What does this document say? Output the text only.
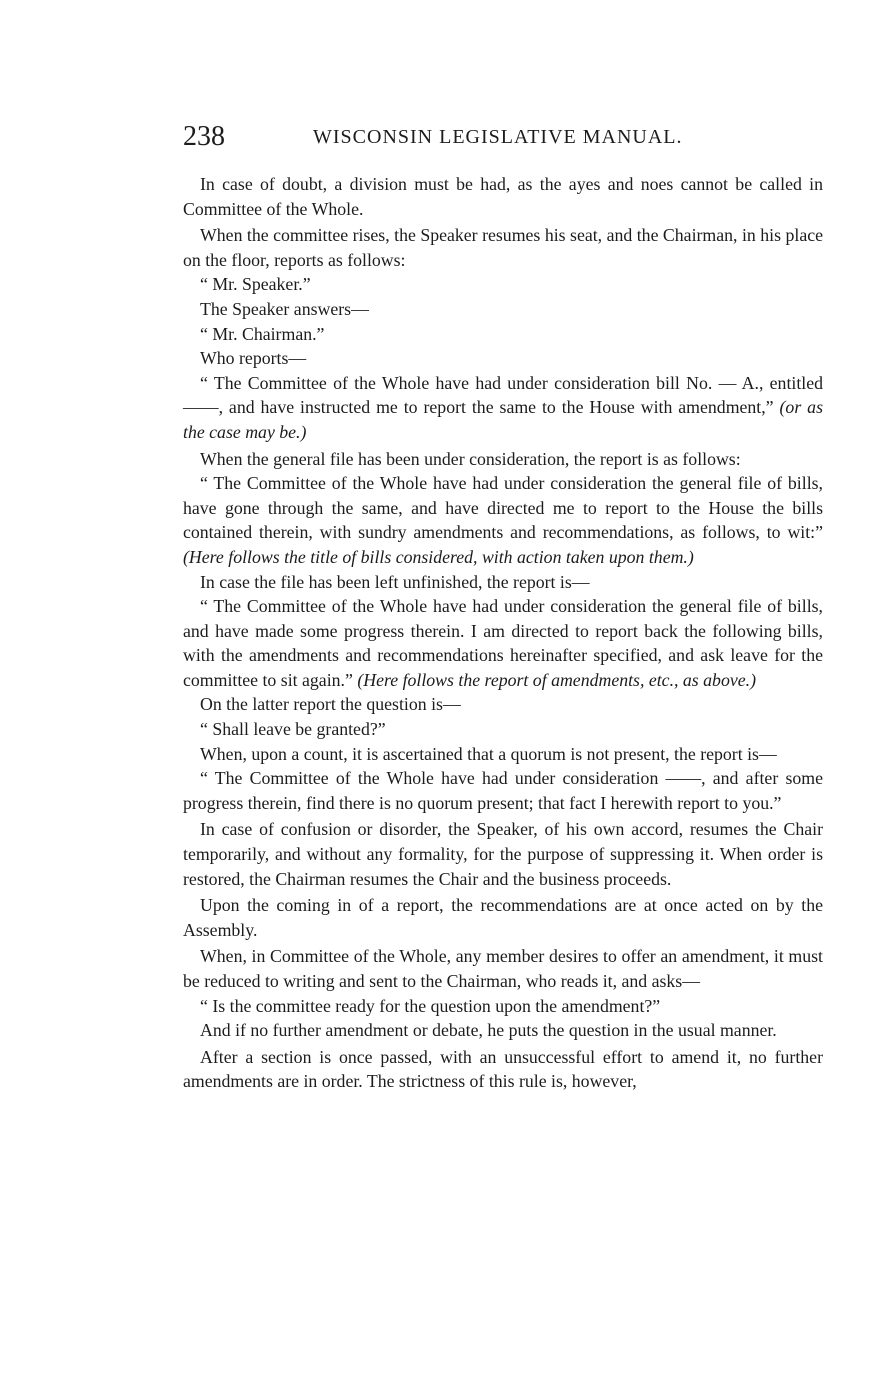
238	WISCONSIN LEGISLATIVE MANUAL.

In case of doubt, a division must be had, as the ayes and noes cannot be called in Committee of the Whole.

When the committee rises, the Speaker resumes his seat, and the Chairman, in his place on the floor, reports as follows:

“ Mr. Speaker.”

The Speaker answers—

“ Mr. Chairman.”

Who reports—

“ The Committee of the Whole have had under consideration bill No. — A., entitled ——, and have instructed me to report the same to the House with amendment,” (or as the case may be.)

When the general file has been under consideration, the report is as follows:

“ The Committee of the Whole have had under consideration the general file of bills, have gone through the same, and have directed me to report to the House the bills contained therein, with sundry amendments and recommendations, as follows, to wit:” (Here follows the title of bills considered, with action taken upon them.)

In case the file has been left unfinished, the report is—

“ The Committee of the Whole have had under consideration the general file of bills, and have made some progress therein. I am directed to report back the following bills, with the amendments and recommendations hereinafter specified, and ask leave for the committee to sit again.” (Here follows the report of amendments, etc., as above.)

On the latter report the question is—

“ Shall leave be granted?”

When, upon a count, it is ascertained that a quorum is not present, the report is—

“ The Committee of the Whole have had under consideration ——, and after some progress therein, find there is no quorum present; that fact I herewith report to you.”

In case of confusion or disorder, the Speaker, of his own accord, resumes the Chair temporarily, and without any formality, for the purpose of suppressing it. When order is restored, the Chairman resumes the Chair and the business proceeds.

Upon the coming in of a report, the recommendations are at once acted on by the Assembly.

When, in Committee of the Whole, any member desires to offer an amendment, it must be reduced to writing and sent to the Chairman, who reads it, and asks—

“ Is the committee ready for the question upon the amendment?”

And if no further amendment or debate, he puts the question in the usual manner.

After a section is once passed, with an unsuccessful effort to amend it, no further amendments are in order. The strictness of this rule is, however,
